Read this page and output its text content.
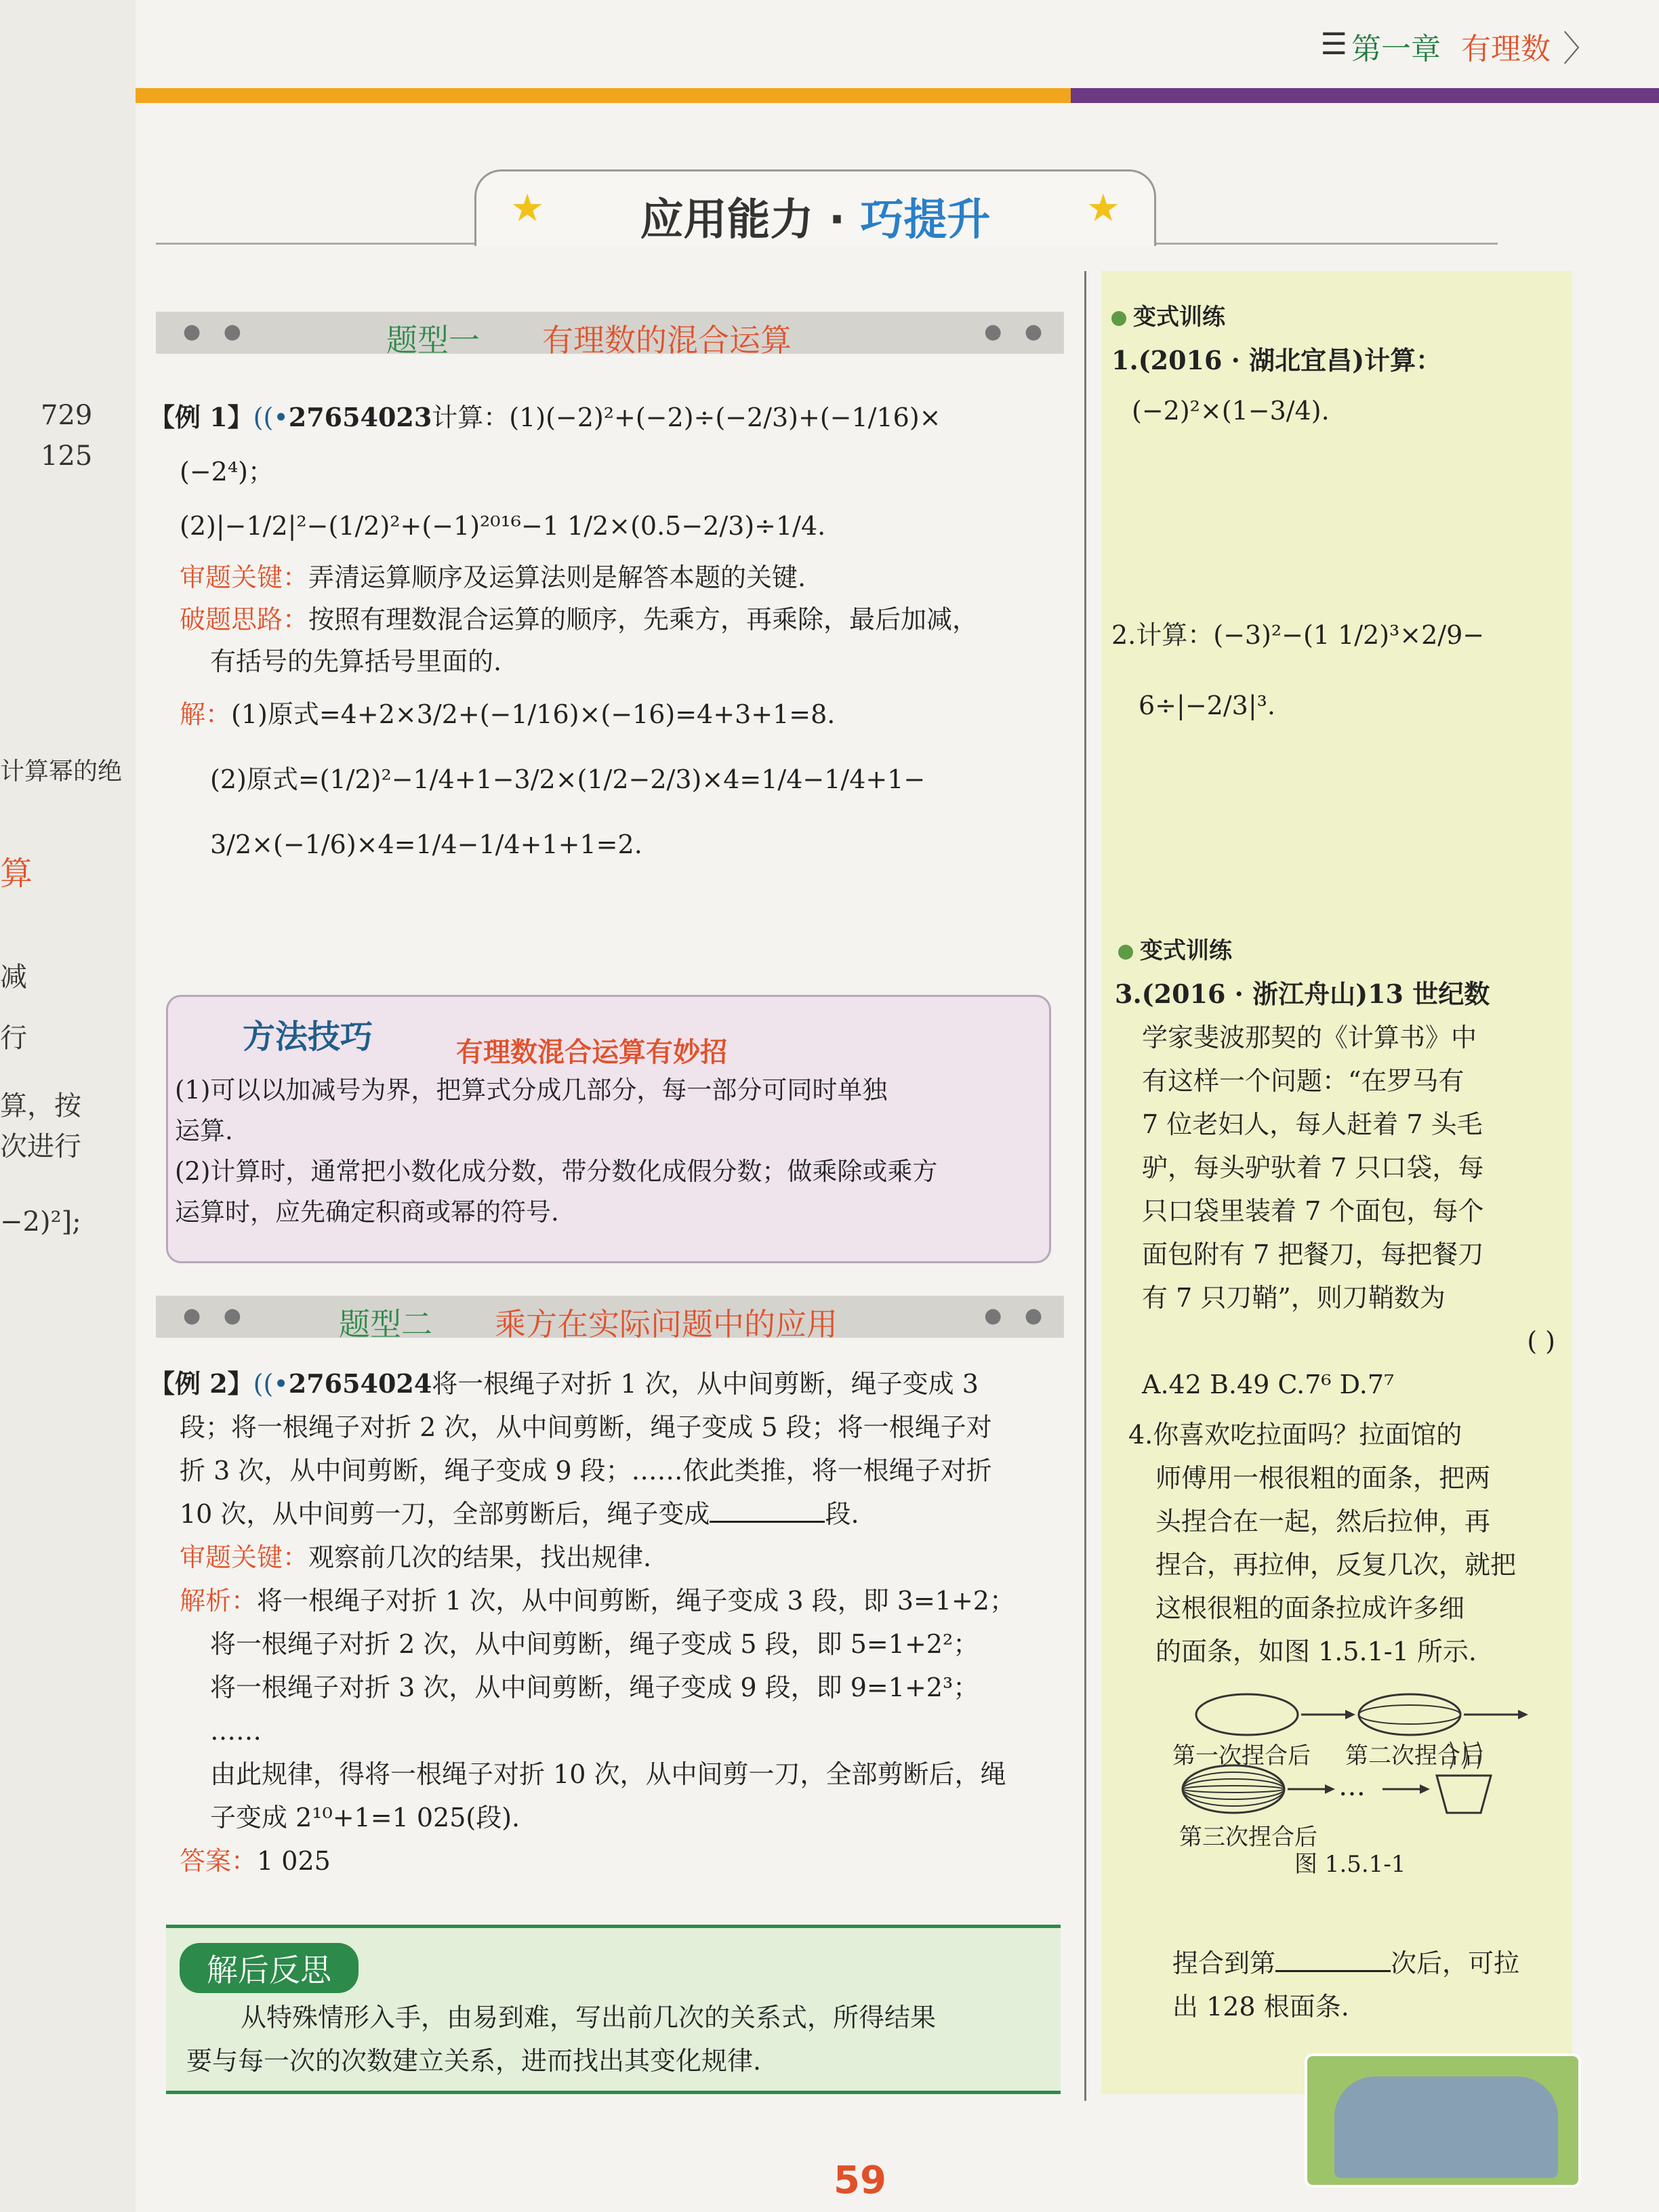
729
125
计算幂的绝
算
减
行
算，按
次进行
−2)²];
☰ 第一章 有理数 〉
★	应用能力 · 巧提升	★
● ●	题型一 有理数的混合运算	● ●
【例 1】((•27654023计算：(1)(−2)²+(−2)÷(−2/3)+(−1/16)×
(−2⁴)；
(2)|−1/2|²−(1/2)²+(−1)²⁰¹⁶−1 1/2×(0.5−2/3)÷1/4.
审题关键：弄清运算顺序及运算法则是解答本题的关键.
破题思路：按照有理数混合运算的顺序，先乘方，再乘除，最后加减，
有括号的先算括号里面的.
解：(1)原式=4+2×3/2+(−1/16)×(−16)=4+3+1=8.
(2)原式=(1/2)²−1/4+1−3/2×(1/2−2/3)×4=1/4−1/4+1−
3/2×(−1/6)×4=1/4−1/4+1+1=2.
方法技巧	有理数混合运算有妙招
(1)可以以加减号为界，把算式分成几部分，每一部分可同时单独
运算.
(2)计算时，通常把小数化成分数，带分数化成假分数；做乘除或乘方
运算时，应先确定积商或幂的符号.
● ●	题型二 乘方在实际问题中的应用	● ●
【例 2】((•27654024将一根绳子对折 1 次，从中间剪断，绳子变成 3
段；将一根绳子对折 2 次，从中间剪断，绳子变成 5 段；将一根绳子对
折 3 次，从中间剪断，绳子变成 9 段；……依此类推，将一根绳子对折
10 次，从中间剪一刀，全部剪断后，绳子变成	段.
审题关键：观察前几次的结果，找出规律.
解析：将一根绳子对折 1 次，从中间剪断，绳子变成 3 段，即 3=1+2；
将一根绳子对折 2 次，从中间剪断，绳子变成 5 段，即 5=1+2²；
将一根绳子对折 3 次，从中间剪断，绳子变成 9 段，即 9=1+2³；
……
由此规律，得将一根绳子对折 10 次，从中间剪一刀，全部剪断后，绳
子变成 2¹⁰+1=1 025(段).
答案：1 025
解后反思
从特殊情形入手，由易到难，写出前几次的关系式，所得结果
要与每一次的次数建立关系，进而找出其变化规律.
变式训练
1.(2016 · 湖北宜昌)计算：
(−2)²×(1−3/4).
2.计算：(−3)²−(1 1/2)³×2/9−
6÷|−2/3|³.
变式训练
3.(2016 · 浙江舟山)13 世纪数
学家斐波那契的《计算书》中
有这样一个问题：“在罗马有
7 位老妇人，每人赶着 7 头毛
驴，每头驴驮着 7 只口袋，每
只口袋里装着 7 个面包，每个
面包附有 7 把餐刀，每把餐刀
有 7 只刀鞘”，则刀鞘数为
( )
A.42 B.49 C.7⁶ D.7⁷
4.你喜欢吃拉面吗？拉面馆的
师傅用一根很粗的面条，把两
头捏合在一起，然后拉伸，再
捏合，再拉伸，反复几次，就把
这根很粗的面条拉成许多细
的面条，如图 1.5.1-1 所示.
…
第一次捏合后 第二次捏合后
第三次捏合后
图 1.5.1-1
捏合到第	次后，可拉
出 128 根面条.
59
